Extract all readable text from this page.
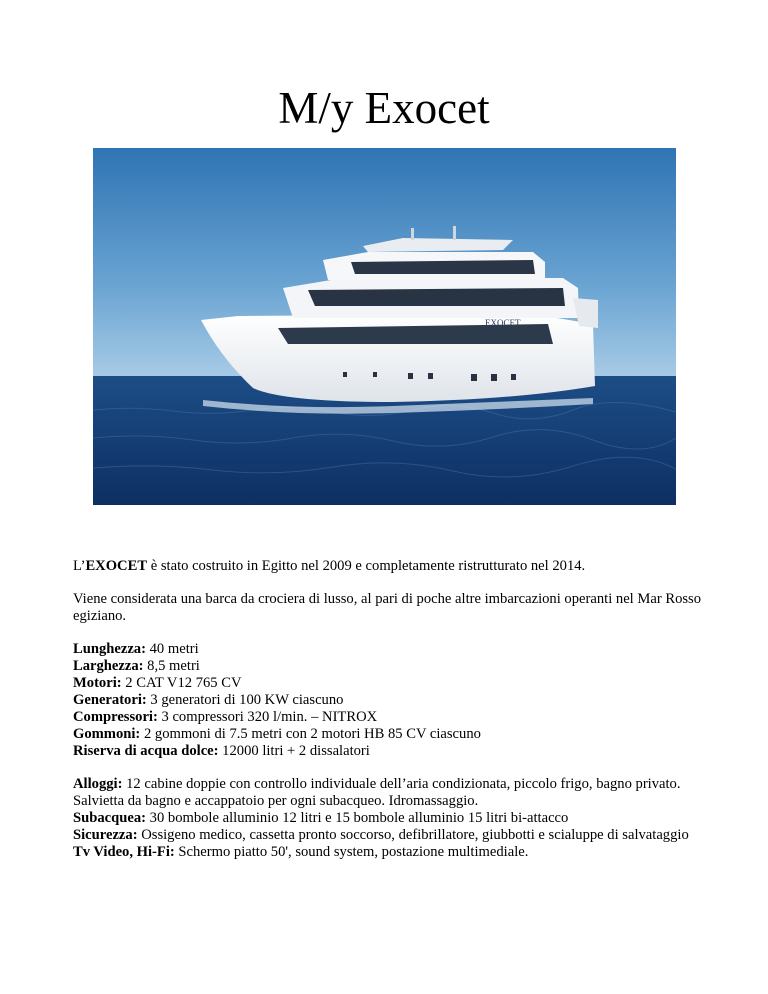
M/y Exocet
EXOCET

L’EXOCET è stato costruito in Egitto nel 2009 e completamente ristrutturato nel 2014.

Viene considerata una barca da crociera di lusso, al pari di poche altre imbarcazioni operanti nel Mar Rosso egiziano.

Lunghezza: 40 metri
Larghezza: 8,5 metri
Motori: 2 CAT V12 765 CV
Generatori: 3 generatori di 100 KW ciascuno
Compressori: 3 compressori 320 l/min. – NITROX
Gommoni: 2 gommoni di 7.5 metri con 2 motori HB 85 CV ciascuno
Riserva di acqua dolce: 12000 litri + 2 dissalatori
Alloggi: 12 cabine doppie con controllo individuale dell’aria condizionata, piccolo frigo, bagno privato. Salvietta da bagno e accappatoio per ogni subacqueo. Idromassaggio.
Subacquea: 30 bombole alluminio 12 litri e 15 bombole alluminio 15 litri bi-attacco
Sicurezza: Ossigeno medico, cassetta pronto soccorso, defibrillatore, giubbotti e scialuppe di salvataggio
Tv Video, Hi-Fi: Schermo piatto 50', sound system, postazione multimediale.
